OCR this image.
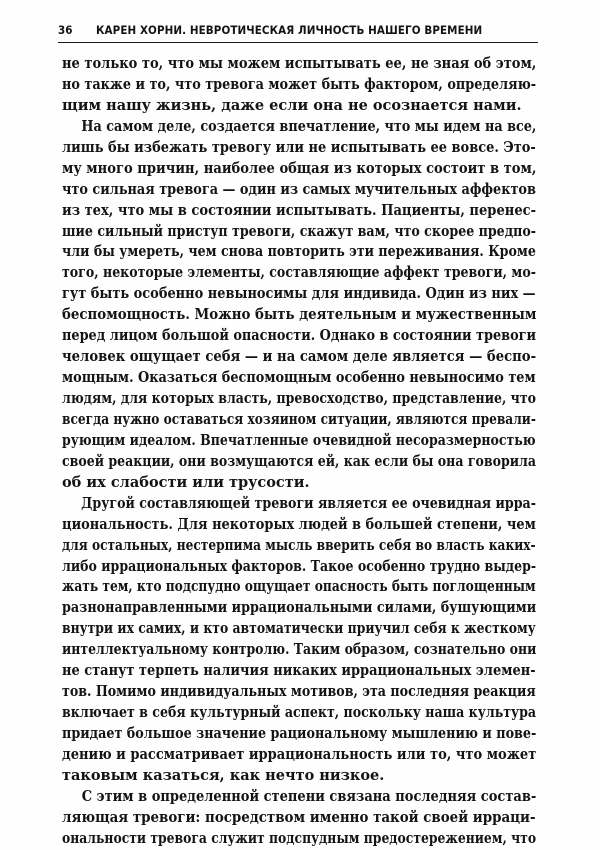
36 КАРЕН ХОРНИ. НЕВРОТИЧЕСКАЯ ЛИЧНОСТЬ НАШЕГО ВРЕМЕНИ
не только то, что мы можем испытывать ее, не зная об этом,
но также и то, что тревога может быть фактором, определяю-
щим нашу жизнь, даже если она не осознается нами.
На самом деле, создается впечатление, что мы идем на все,
лишь бы избежать тревогу или не испытывать ее вовсе. Это-
му много причин, наиболее общая из которых состоит в том,
что сильная тревога — один из самых мучительных аффектов
из тех, что мы в состоянии испытывать. Пациенты, перенес-
шие сильный приступ тревоги, скажут вам, что скорее предпо-
чли бы умереть, чем снова повторить эти переживания. Кроме
того, некоторые элементы, составляющие аффект тревоги, мо-
гут быть особенно невыносимы для индивида. Один из них —
беспомощность. Можно быть деятельным и мужественным
перед лицом большой опасности. Однако в состоянии тревоги
человек ощущает себя — и на самом деле является — беспо-
мощным. Оказаться беспомощным особенно невыносимо тем
людям, для которых власть, превосходство, представление, что
всегда нужно оставаться хозяином ситуации, являются превали-
рующим идеалом. Впечатленные очевидной несоразмерностью
своей реакции, они возмущаются ей, как если бы она говорила
об их слабости или трусости.
Другой составляющей тревоги является ее очевидная ирра-
циональность. Для некоторых людей в большей степени, чем
для остальных, нестерпима мысль вверить себя во власть каких-
либо иррациональных факторов. Такое особенно трудно выдер-
жать тем, кто подспудно ощущает опасность быть поглощенным
разнонаправленными иррациональными силами, бушующими
внутри их самих, и кто автоматически приучил себя к жесткому
интеллектуальному контролю. Таким образом, сознательно они
не станут терпеть наличия никаких иррациональных элемен-
тов. Помимо индивидуальных мотивов, эта последняя реакция
включает в себя культурный аспект, поскольку наша культура
придает большое значение рациональному мышлению и пове-
дению и рассматривает иррациональность или то, что может
таковым казаться, как нечто низкое.
С этим в определенной степени связана последняя состав-
ляющая тревоги: посредством именно такой своей ирраци-
ональности тревога служит подспудным предостережением, что
